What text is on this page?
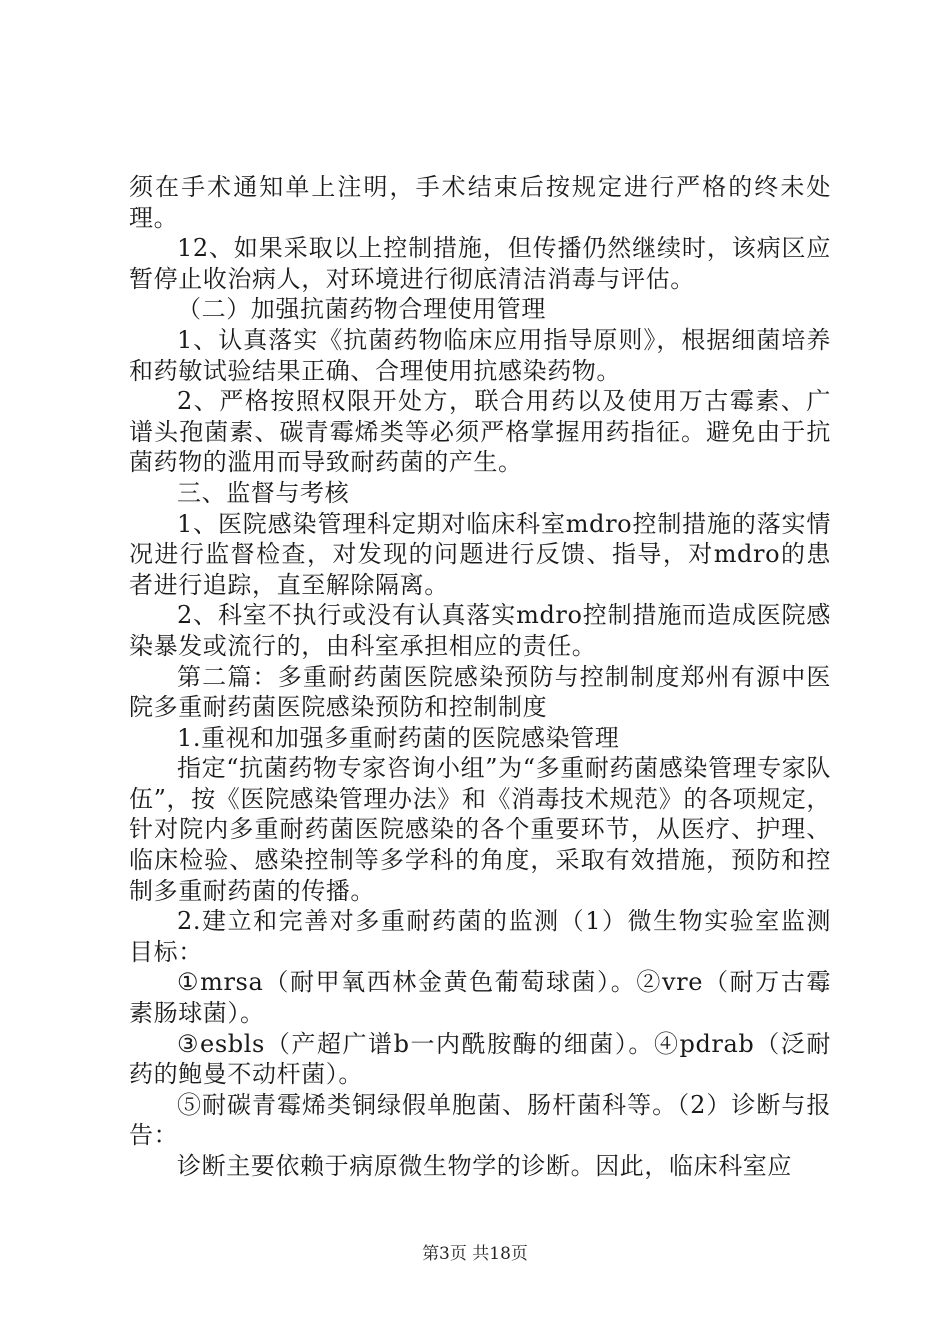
须在手术通知单上注明，手术结束后按规定进行严格的终未处理。

12、如果采取以上控制措施，但传播仍然继续时，该病区应暂停止收治病人，对环境进行彻底清洁消毒与评估。

（二）加强抗菌药物合理使用管理

1、认真落实《抗菌药物临床应用指导原则》，根据细菌培养和药敏试验结果正确、合理使用抗感染药物。

2、严格按照权限开处方，联合用药以及使用万古霉素、广谱头孢菌素、碳青霉烯类等必须严格掌握用药指征。避免由于抗菌药物的滥用而导致耐药菌的产生。

三、监督与考核

1、医院感染管理科定期对临床科室mdro控制措施的落实情况进行监督检查，对发现的问题进行反馈、指导，对mdro的患者进行追踪，直至解除隔离。

2、科室不执行或没有认真落实mdro控制措施而造成医院感染暴发或流行的，由科室承担相应的责任。

第二篇：多重耐药菌医院感染预防与控制制度郑州有源中医院多重耐药菌医院感染预防和控制制度

1.重视和加强多重耐药菌的医院感染管理

指定“抗菌药物专家咨询小组”为“多重耐药菌感染管理专家队伍”，按《医院感染管理办法》和《消毒技术规范》的各项规定，针对院内多重耐药菌医院感染的各个重要环节，从医疗、护理、临床检验、感染控制等多学科的角度，采取有效措施，预防和控制多重耐药菌的传播。

2.建立和完善对多重耐药菌的监测（1）微生物实验室监测目标：

①mrsa（耐甲氧西林金黄色葡萄球菌）。②vre（耐万古霉素肠球菌）。

③esbls（产超广谱b一内酰胺酶的细菌）。④pdrab（泛耐药的鲍曼不动杆菌）。

⑤耐碳青霉烯类铜绿假单胞菌、肠杆菌科等。（2）诊断与报告：

诊断主要依赖于病原微生物学的诊断。因此，临床科室应

第3页 共18页
